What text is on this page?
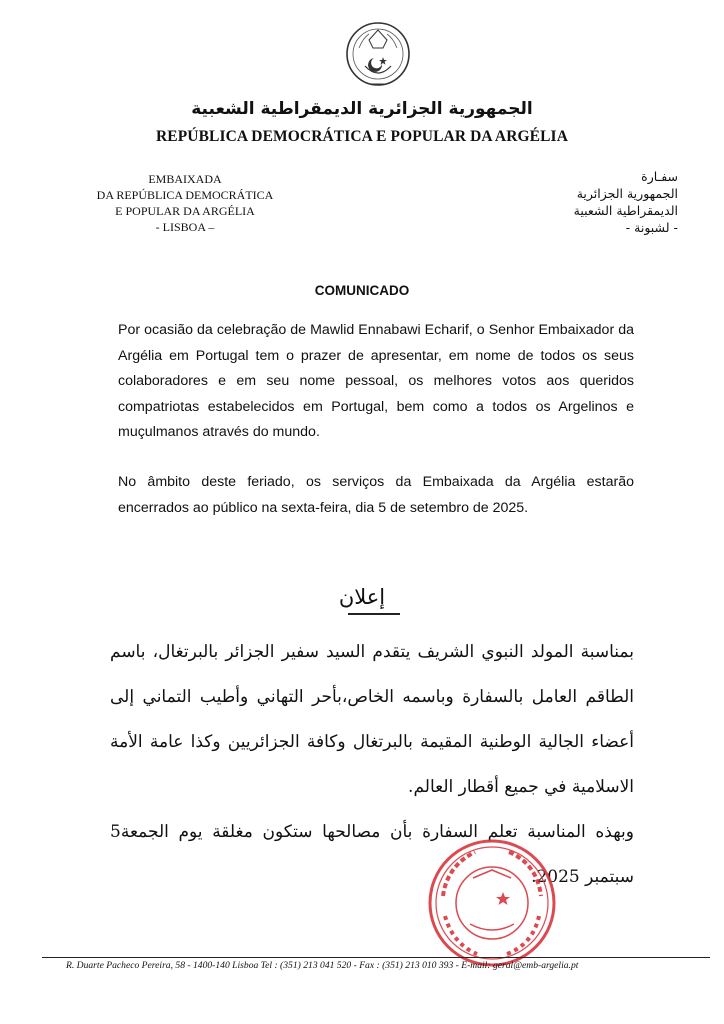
الجمهورية الجزائرية الديمقراطية الشعبية
REPÚBLICA DEMOCRÁTICA E POPULAR DA ARGÉLIA
EMBAIXADA
DA REPÚBLICA DEMOCRÁTICA
E POPULAR DA ARGÉLIA
- LISBOA –
سفـارة
الجمهورية الجزائرية
الديمقراطية الشعبية
- لشبونة -
COMUNICADO
Por ocasião da celebração de Mawlid Ennabawi Echarif, o Senhor Embaixador da Argélia em Portugal tem o prazer de apresentar, em nome de todos os seus colaboradores e em seu nome pessoal, os melhores votos aos queridos compatriotas estabelecidos em Portugal, bem como a todos os Argelinos e muçulmanos através do mundo.
No âmbito deste feriado, os serviços da Embaixada da Argélia estarão encerrados ao público na sexta-feira, dia 5 de setembro de 2025.
إعلان
بمناسبة المولد النبوي الشريف يتقدم السيد سفير الجزائر بالبرتغال، باسم الطاقم العامل بالسفارة وباسمه الخاص،بأحر التهاني وأطيب التماني إلى أعضاء الجالية الوطنية المقيمة بالبرتغال وكافة الجزائريين وكذا عامة الأمة الاسلامية في جميع أقطار العالم.
وبهذه المناسبة تعلم السفارة بأن مصالحها ستكون مغلقة يوم الجمعة5 سبتمبر 2025.
R. Duarte Pacheco Pereira, 58 - 1400-140 Lisboa Tel : (351) 213 041 520 - Fax : (351) 213 010 393 - E-mail: geral@emb-argelia.pt
